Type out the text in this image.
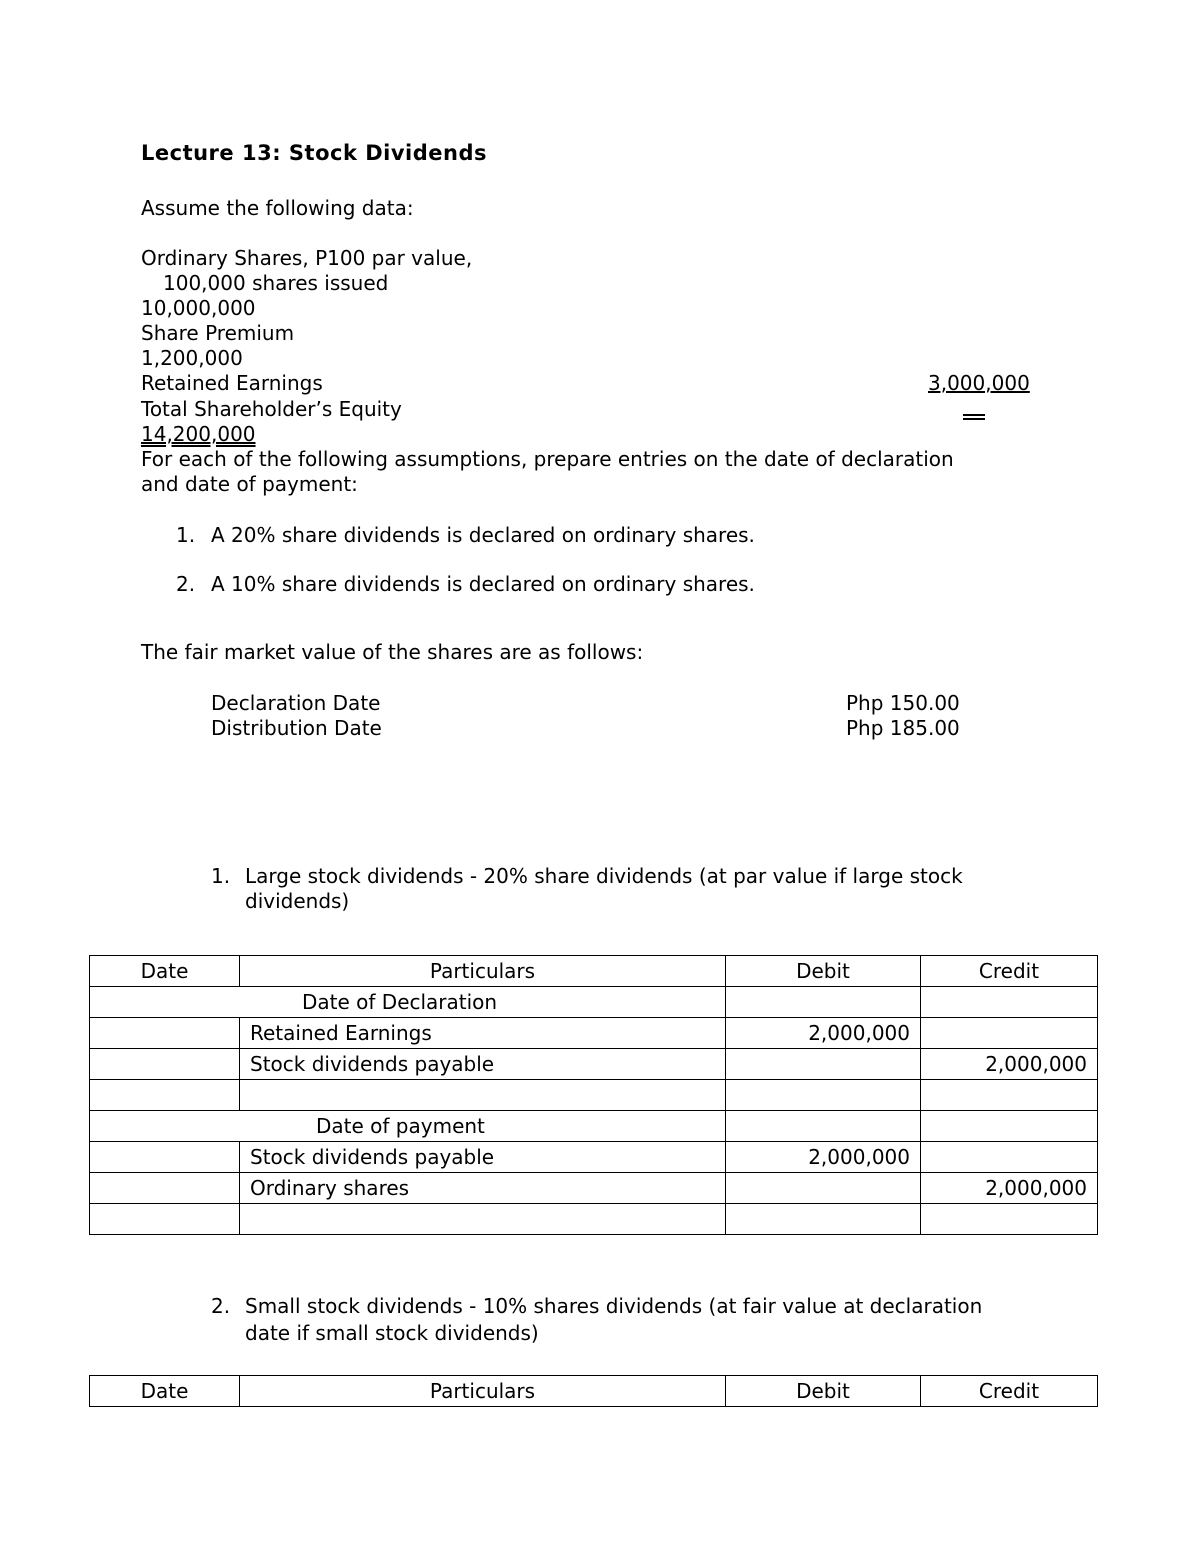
Lecture 13: Stock Dividends

Assume the following data:

Ordinary Shares, P100 par value,

100,000 shares issued

10,000,000

Share Premium

1,200,000

Retained Earnings	3,000,000

Total Shareholder’s Equity

14,200,000

For each of the following assumptions, prepare entries on the date of declaration

and date of payment:

1. A 20% share dividends is declared on ordinary shares.

2. A 10% share dividends is declared on ordinary shares.

The fair market value of the shares are as follows:

Declaration Date	Php 150.00

Distribution Date	Php 185.00

1. Large stock dividends - 20% share dividends (at par value if large stock

dividends)

Date	Particulars	Debit	Credit
Date of Declaration			
	Retained Earnings	2,000,000	
	Stock dividends payable		2,000,000

Date of payment			
	Stock dividends payable	2,000,000	
	Ordinary shares		2,000,000

2. Small stock dividends - 10% shares dividends (at fair value at declaration

date if small stock dividends)

Date	Particulars	Debit	Credit
